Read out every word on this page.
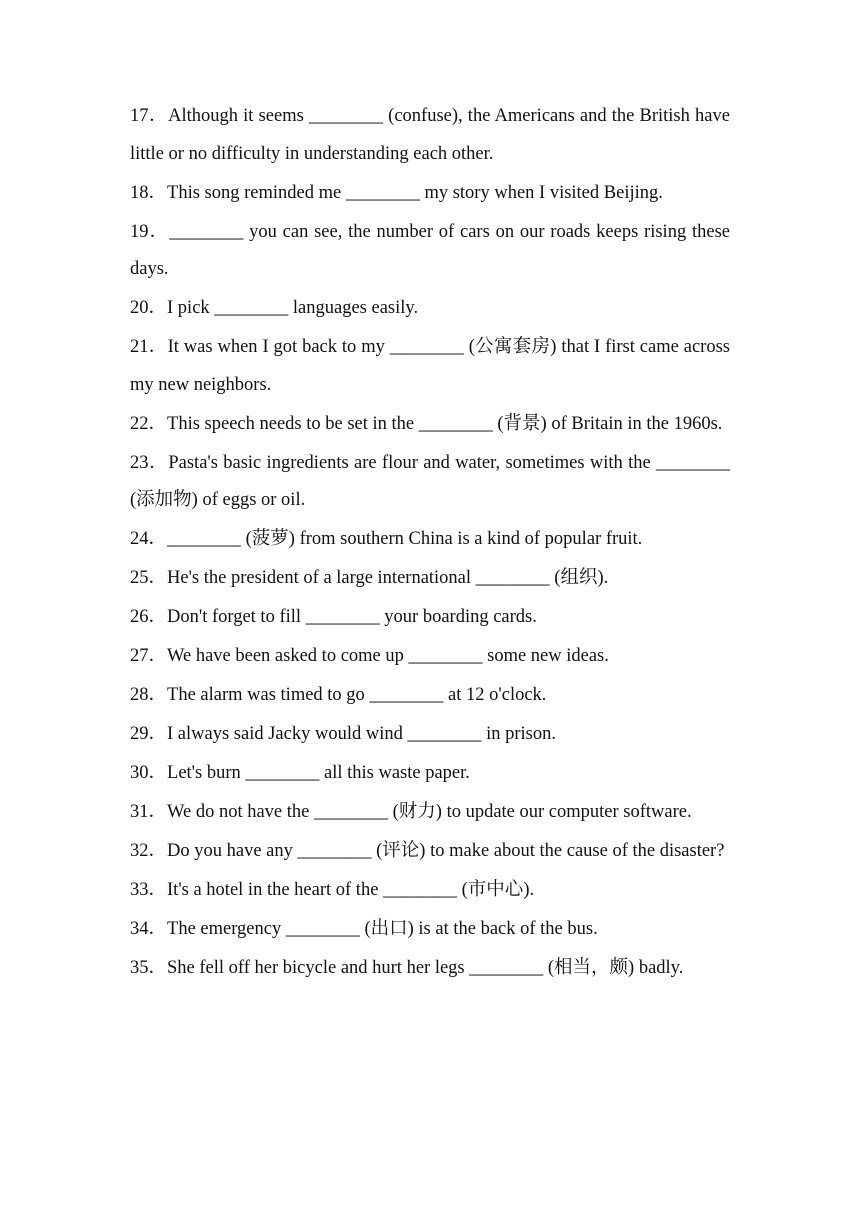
17．Although it seems ________ (confuse), the Americans and the British have little or no difficulty in understanding each other.

18．This song reminded me ________ my story when I visited Beijing.

19．________ you can see, the number of cars on our roads keeps rising these days.

20．I pick ________ languages easily.

21．It was when I got back to my ________ (公寓套房) that I first came across my new neighbors.

22．This speech needs to be set in the ________ (背景) of Britain in the 1960s.

23．Pasta's basic ingredients are flour and water, sometimes with the ________ (添加物) of eggs or oil.

24．________ (菠萝) from southern China is a kind of popular fruit.

25．He's the president of a large international ________ (组织).

26．Don't forget to fill ________ your boarding cards.

27．We have been asked to come up ________ some new ideas.

28．The alarm was timed to go ________ at 12 o'clock.

29．I always said Jacky would wind ________ in prison.

30．Let's burn ________ all this waste paper.

31．We do not have the ________ (财力) to update our computer software.

32．Do you have any ________ (评论) to make about the cause of the disaster?

33．It's a hotel in the heart of the ________ (市中心).

34．The emergency ________ (出口) is at the back of the bus.

35．She fell off her bicycle and hurt her legs ________ (相当，颇) badly.
